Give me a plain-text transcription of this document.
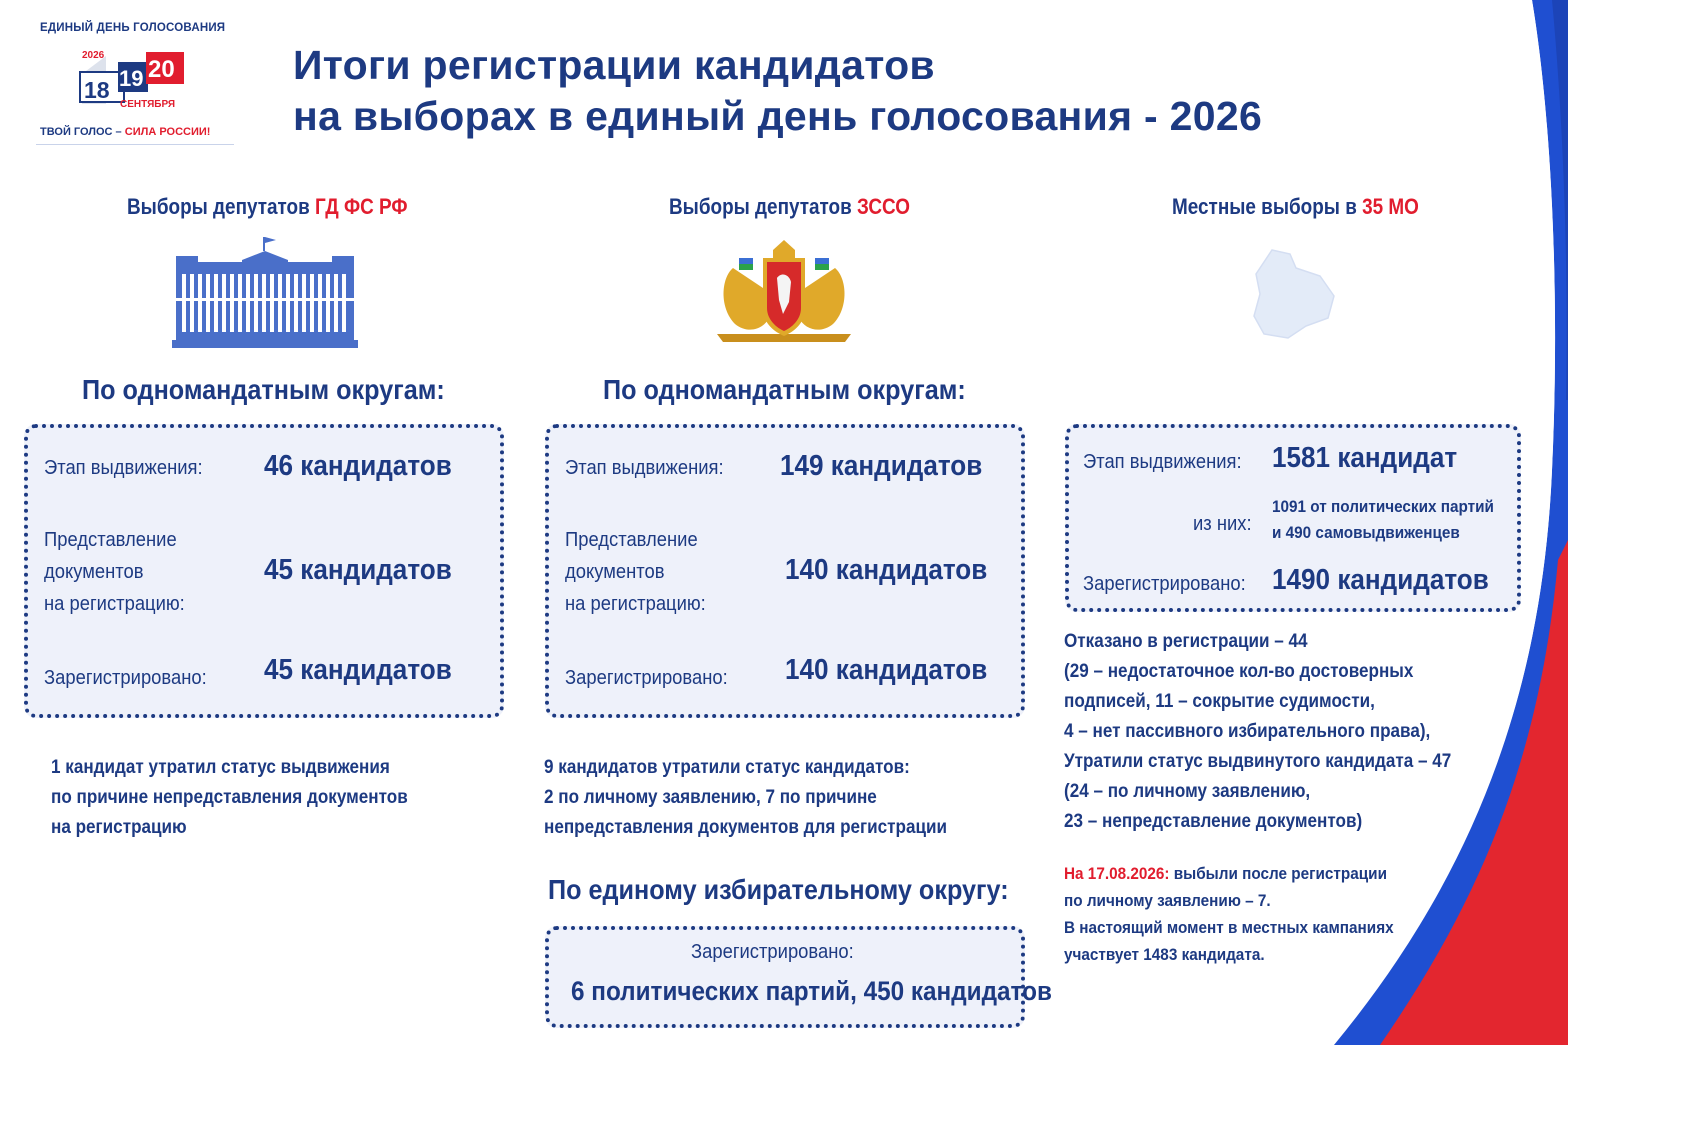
ЕДИНЫЙ ДЕНЬ ГОЛОСОВАНИЯ
2026
18 19 20
СЕНТЯБРЯ
ТВОЙ ГОЛОС – СИЛА РОССИИ!
Итоги регистрации кандидатов
на выборах в единый день голосования - 2026
Выборы депутатов ГД ФС РФ	Выборы депутатов ЗССО	Местные выборы в 35 МО
По одномандатным округам:	По одномандатным округам:
Этап выдвижения: 46 кандидатов
Представление
документов
на регистрацию:
45 кандидатов
Зарегистрировано: 45 кандидатов
Этап выдвижения: 149 кандидатов
Представление
документов
на регистрацию:
140 кандидатов
Зарегистрировано: 140 кандидатов
Этап выдвижения: 1581 кандидат
из них:
1091 от политических партий
и 490 самовыдвиженцев
Зарегистрировано: 1490 кандидатов
1 кандидат утратил статус выдвижения
по причине непредставления документов
на регистрацию
9 кандидатов утратили статус кандидатов:
2 по личному заявлению, 7 по причине
непредставления документов для регистрации
По единому избирательному округу:
Зарегистрировано:
6 политических партий, 450 кандидатов
Отказано в регистрации – 44
(29 – недостаточное кол-во достоверных
подписей, 11 – сокрытие судимости,
4 – нет пассивного избирательного права),
Утратили статус выдвинутого кандидата – 47
(24 – по личному заявлению,
23 – непредставление документов)
На 17.08.2026: выбыли после регистрации
по личному заявлению – 7.
В настоящий момент в местных кампаниях
участвует 1483 кандидата.
